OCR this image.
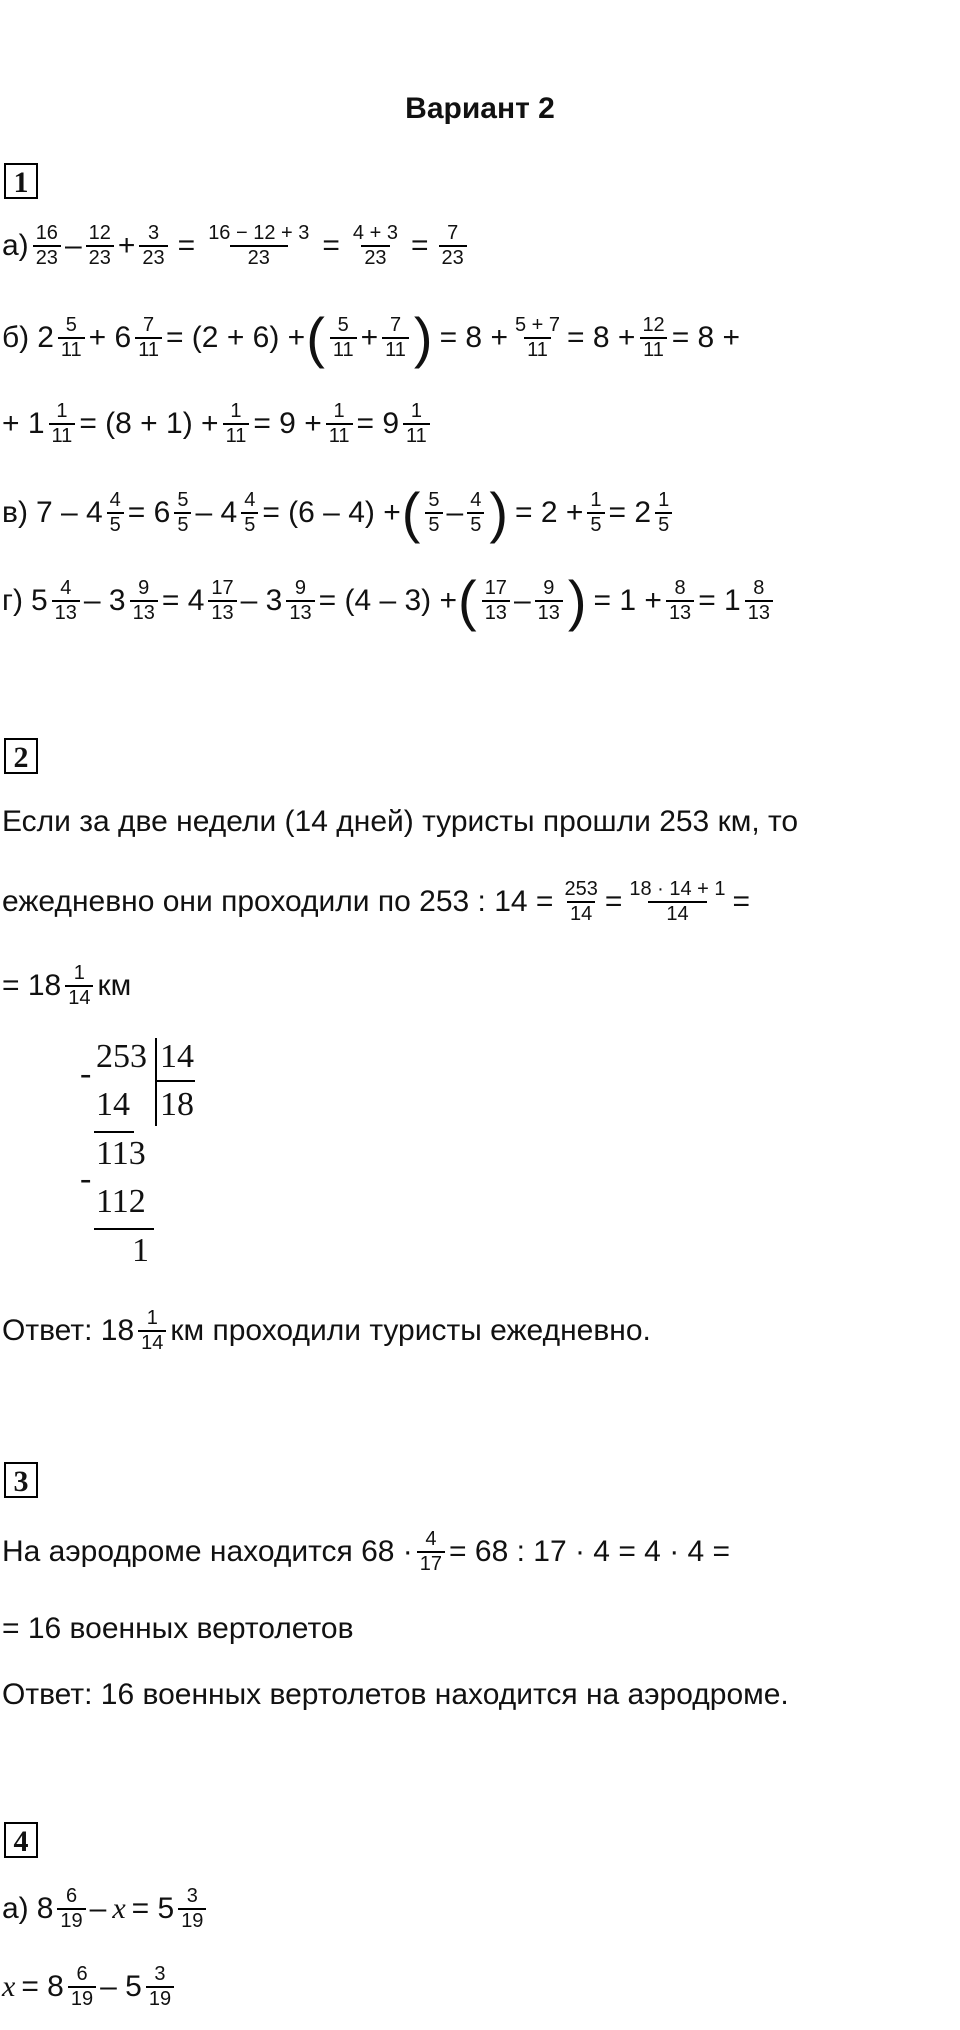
Вариант 2
1
$а) \frac{16}{23} - \frac{12}{23} + \frac{3}{23} = \frac{16 - 12 + 3}{23} = \frac{4 + 3}{23} = \frac{7}{23}$
б) $2 \frac{5}{11} + 6 \frac{7}{11} = (2 + 6)$ + ( $\frac{5}{11} + \frac{7}{11}$ ) = $8 + \frac{5 + 7}{11} = 8 + \frac{12}{11} = 8$ +
+ $1 \frac{1}{11} = (8 + 1) + \frac{1}{11} = 9 + \frac{1}{11} = 9 \frac{1}{11}$
в) $7 - 4 \frac{4}{5} = 6 \frac{5}{5} - 4 \frac{4}{5} = (6 - 4)$ + ( $\frac{5}{5} - \frac{4}{5}$ ) = $2 + \frac{1}{5} = 2 \frac{1}{5}$
г) $5 \frac{4}{13} - 3 \frac{9}{13} = 4 \frac{17}{13} - 3 \frac{9}{13} = (4 - 3)$ + ( $\frac{17}{13} - \frac{9}{13}$ ) = $1 + \frac{8}{13} = 1 \frac{8}{13}$
2
Если за две недели (14 дней) туристы прошли 253 км, то
ежедневно они проходили по 253 : $14 = \frac{253}{14} = \frac{18 \cdot 14 + 1}{14}$ =
= $18 \frac{1}{14}$ км
- 253 14
18
14
113
-
112
1
Ответ: $18 \frac{1}{14}$ км проходили туристы ежедневно.
3
На аэродроме находится $68 \cdot \frac{4}{17} = 68$ : 17 · 4 = 4 · 4 =
= 16 военных вертолетов
Ответ: 16 военных вертолетов находится на аэродроме.
4
а) $8 \frac{6}{19} - x = 5 \frac{3}{19}$
$x = 8 \frac{6}{19} - 5 \frac{3}{19}$
